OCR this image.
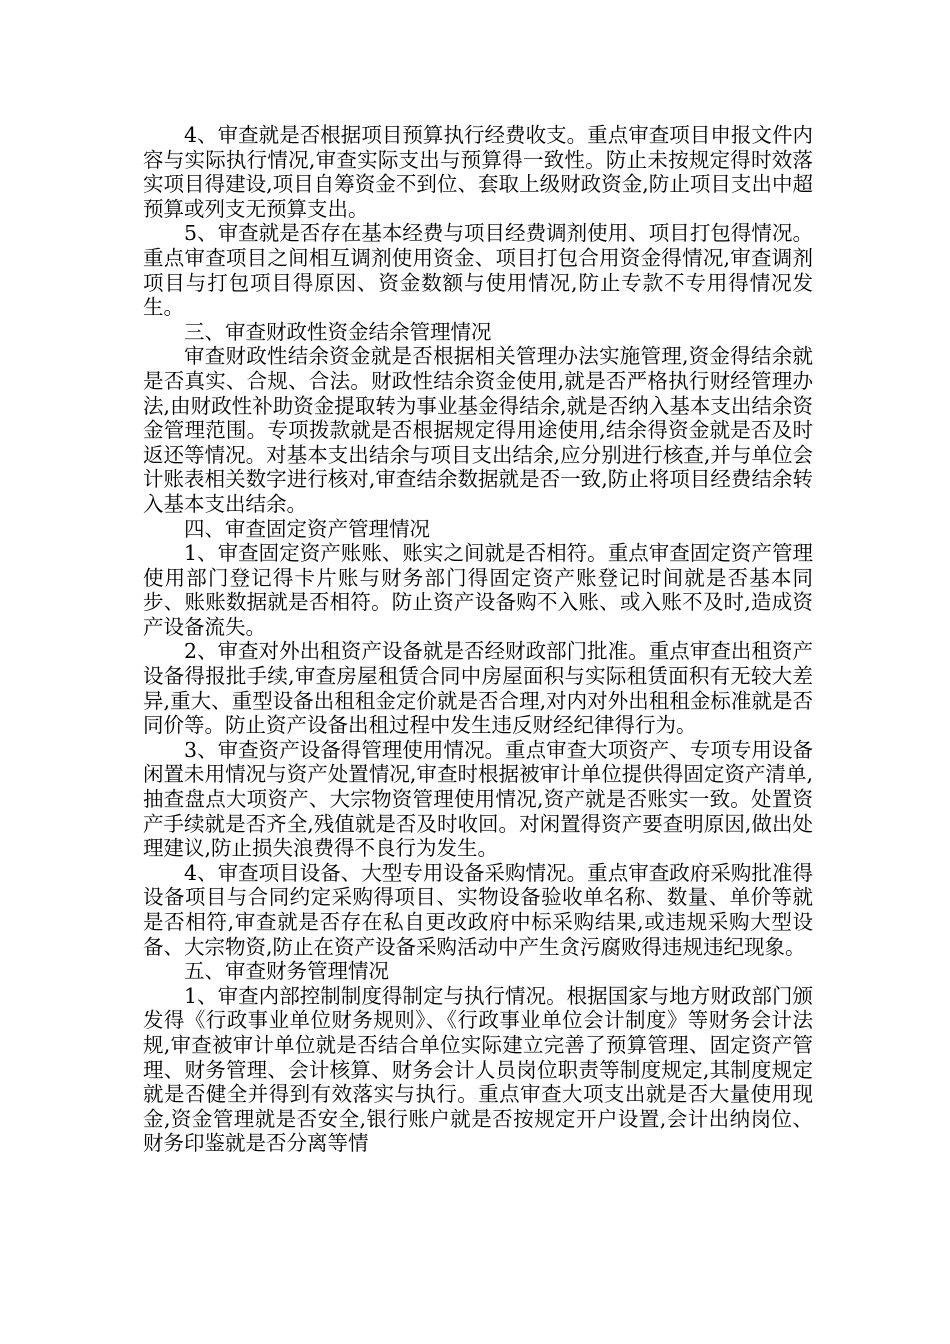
4、审查就是否根据项目预算执行经费收支。重点审查项目申报文件内容与实际执行情况,审查实际支出与预算得一致性。防止未按规定得时效落实项目得建设,项目自筹资金不到位、套取上级财政资金,防止项目支出中超预算或列支无预算支出。

5、审查就是否存在基本经费与项目经费调剂使用、项目打包得情况。重点审查项目之间相互调剂使用资金、项目打包合用资金得情况,审查调剂项目与打包项目得原因、资金数额与使用情况,防止专款不专用得情况发生。

三、审查财政性资金结余管理情况

审查财政性结余资金就是否根据相关管理办法实施管理,资金得结余就是否真实、合规、合法。财政性结余资金使用,就是否严格执行财经管理办法,由财政性补助资金提取转为事业基金得结余,就是否纳入基本支出结余资金管理范围。专项拨款就是否根据规定得用途使用,结余得资金就是否及时返还等情况。对基本支出结余与项目支出结余,应分别进行核查,并与单位会计账表相关数字进行核对,审查结余数据就是否一致,防止将项目经费结余转入基本支出结余。

四、审查固定资产管理情况

1、审查固定资产账账、账实之间就是否相符。重点审查固定资产管理使用部门登记得卡片账与财务部门得固定资产账登记时间就是否基本同步、账账数据就是否相符。防止资产设备购不入账、或入账不及时,造成资产设备流失。

2、审查对外出租资产设备就是否经财政部门批准。重点审查出租资产设备得报批手续,审查房屋租赁合同中房屋面积与实际租赁面积有无较大差异,重大、重型设备出租租金定价就是否合理,对内对外出租租金标准就是否同价等。防止资产设备出租过程中发生违反财经纪律得行为。

3、审查资产设备得管理使用情况。重点审查大项资产、专项专用设备闲置未用情况与资产处置情况,审查时根据被审计单位提供得固定资产清单,抽查盘点大项资产、大宗物资管理使用情况,资产就是否账实一致。处置资产手续就是否齐全,残值就是否及时收回。对闲置得资产要查明原因,做出处理建议,防止损失浪费得不良行为发生。

4、审查项目设备、大型专用设备采购情况。重点审查政府采购批准得设备项目与合同约定采购得项目、实物设备验收单名称、数量、单价等就是否相符,审查就是否存在私自更改政府中标采购结果,或违规采购大型设备、大宗物资,防止在资产设备采购活动中产生贪污腐败得违规违纪现象。

五、审查财务管理情况

1、审查内部控制制度得制定与执行情况。根据国家与地方财政部门颁发得《行政事业单位财务规则》、《行政事业单位会计制度》等财务会计法规,审查被审计单位就是否结合单位实际建立完善了预算管理、固定资产管理、财务管理、会计核算、财务会计人员岗位职责等制度规定,其制度规定就是否健全并得到有效落实与执行。重点审查大项支出就是否大量使用现金,资金管理就是否安全,银行账户就是否按规定开户设置,会计出纳岗位、财务印鉴就是否分离等情
